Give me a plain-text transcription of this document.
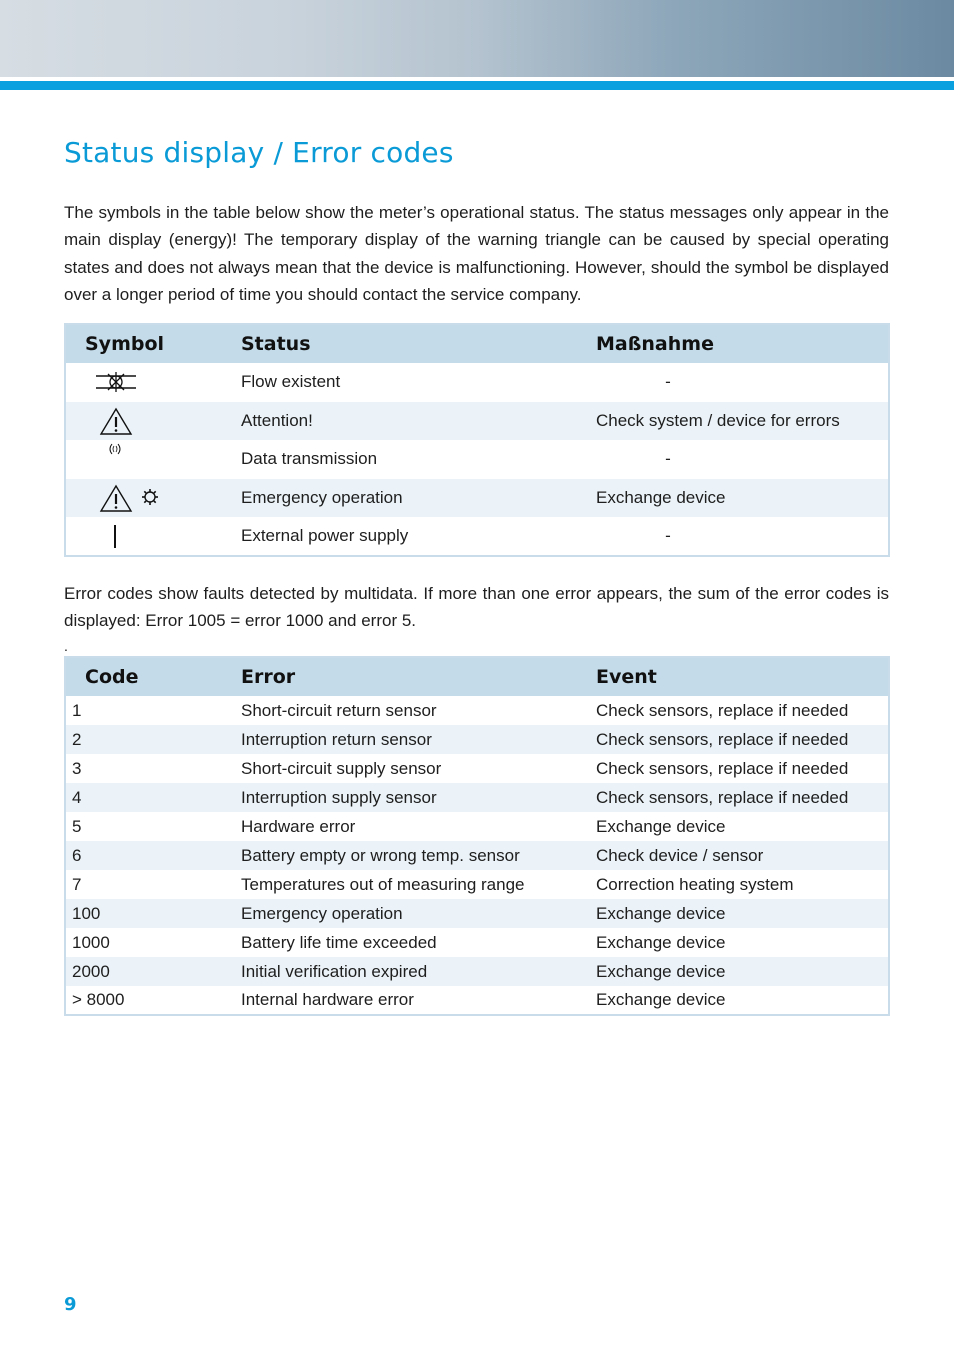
Status display / Error codes

The symbols in the table below show the meter’s operational status. The status messages only appear in the main display (energy)! The temporary display of the warning triangle can be caused by special operating states and does not always mean that the device is malfunctioning. However, should the symbol be displayed over a longer period of time you should contact the service company.

Symbol	Status	Maßnahme

	Flow existent	-

	Attention!	Check system / device for errors

	Data transmission	-

	Emergency operation	Exchange device

	External power supply	-

Error codes show faults detected by multidata. If more than one error appears, the sum of the error codes is displayed: Error 1005 = error 1000 and error 5.

.
Code	Error	Event
1	Short-circuit return sensor	Check sensors, replace if needed
2	Interruption return sensor	Check sensors, replace if needed
3	Short-circuit supply sensor	Check sensors, replace if needed
4	Interruption supply sensor	Check sensors, replace if needed
5	Hardware error	Exchange device
6	Battery empty or wrong temp. sensor	Check device / sensor
7	Temperatures out of measuring range	Correction heating system
100	Emergency operation	Exchange device
1000	Battery life time exceeded	Exchange device
2000	Initial verification expired	Exchange device
> 8000	Internal hardware error	Exchange device
9
